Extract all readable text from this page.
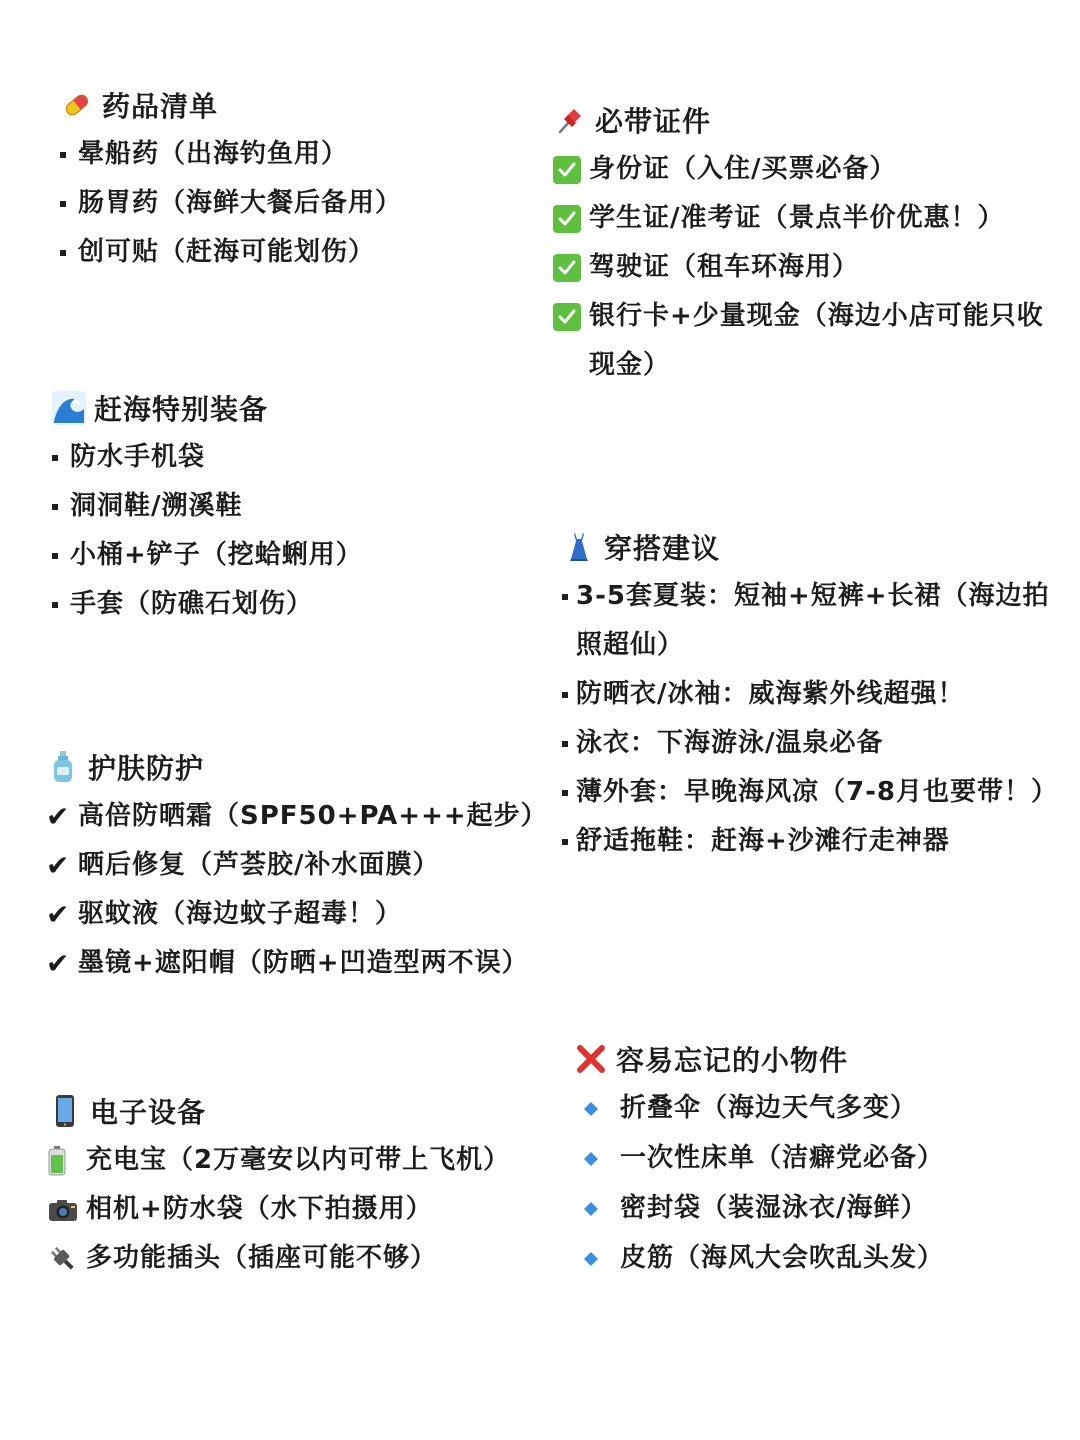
药品清单
晕船药（出海钓鱼用）
肠胃药（海鲜大餐后备用）
创可贴（赶海可能划伤）
必带证件
身份证（入住/买票必备）
学生证/准考证（景点半价优惠！）
驾驶证（租车环海用）
银行卡+少量现金（海边小店可能只收现金）
赶海特别装备
防水手机袋
洞洞鞋/溯溪鞋
小桶+铲子（挖蛤蜊用）
手套（防礁石划伤）
穿搭建议
3-5套夏装：短袖+短裤+长裙（海边拍照超仙）
防晒衣/冰袖：威海紫外线超强！
泳衣：下海游泳/温泉必备
薄外套：早晚海风凉（7-8月也要带！）
舒适拖鞋：赶海+沙滩行走神器
护肤防护
✔ 高倍防晒霜（SPF50+PA+++起步）
✔ 晒后修复（芦荟胶/补水面膜）
✔ 驱蚊液（海边蚊子超毒！）
✔ 墨镜+遮阳帽（防晒+凹造型两不误）
容易忘记的小物件
折叠伞（海边天气多变）
一次性床单（洁癖党必备）
密封袋（装湿泳衣/海鲜）
皮筋（海风大会吹乱头发）
电子设备
充电宝（2万毫安以内可带上飞机）
相机+防水袋（水下拍摄用）
多功能插头（插座可能不够）
